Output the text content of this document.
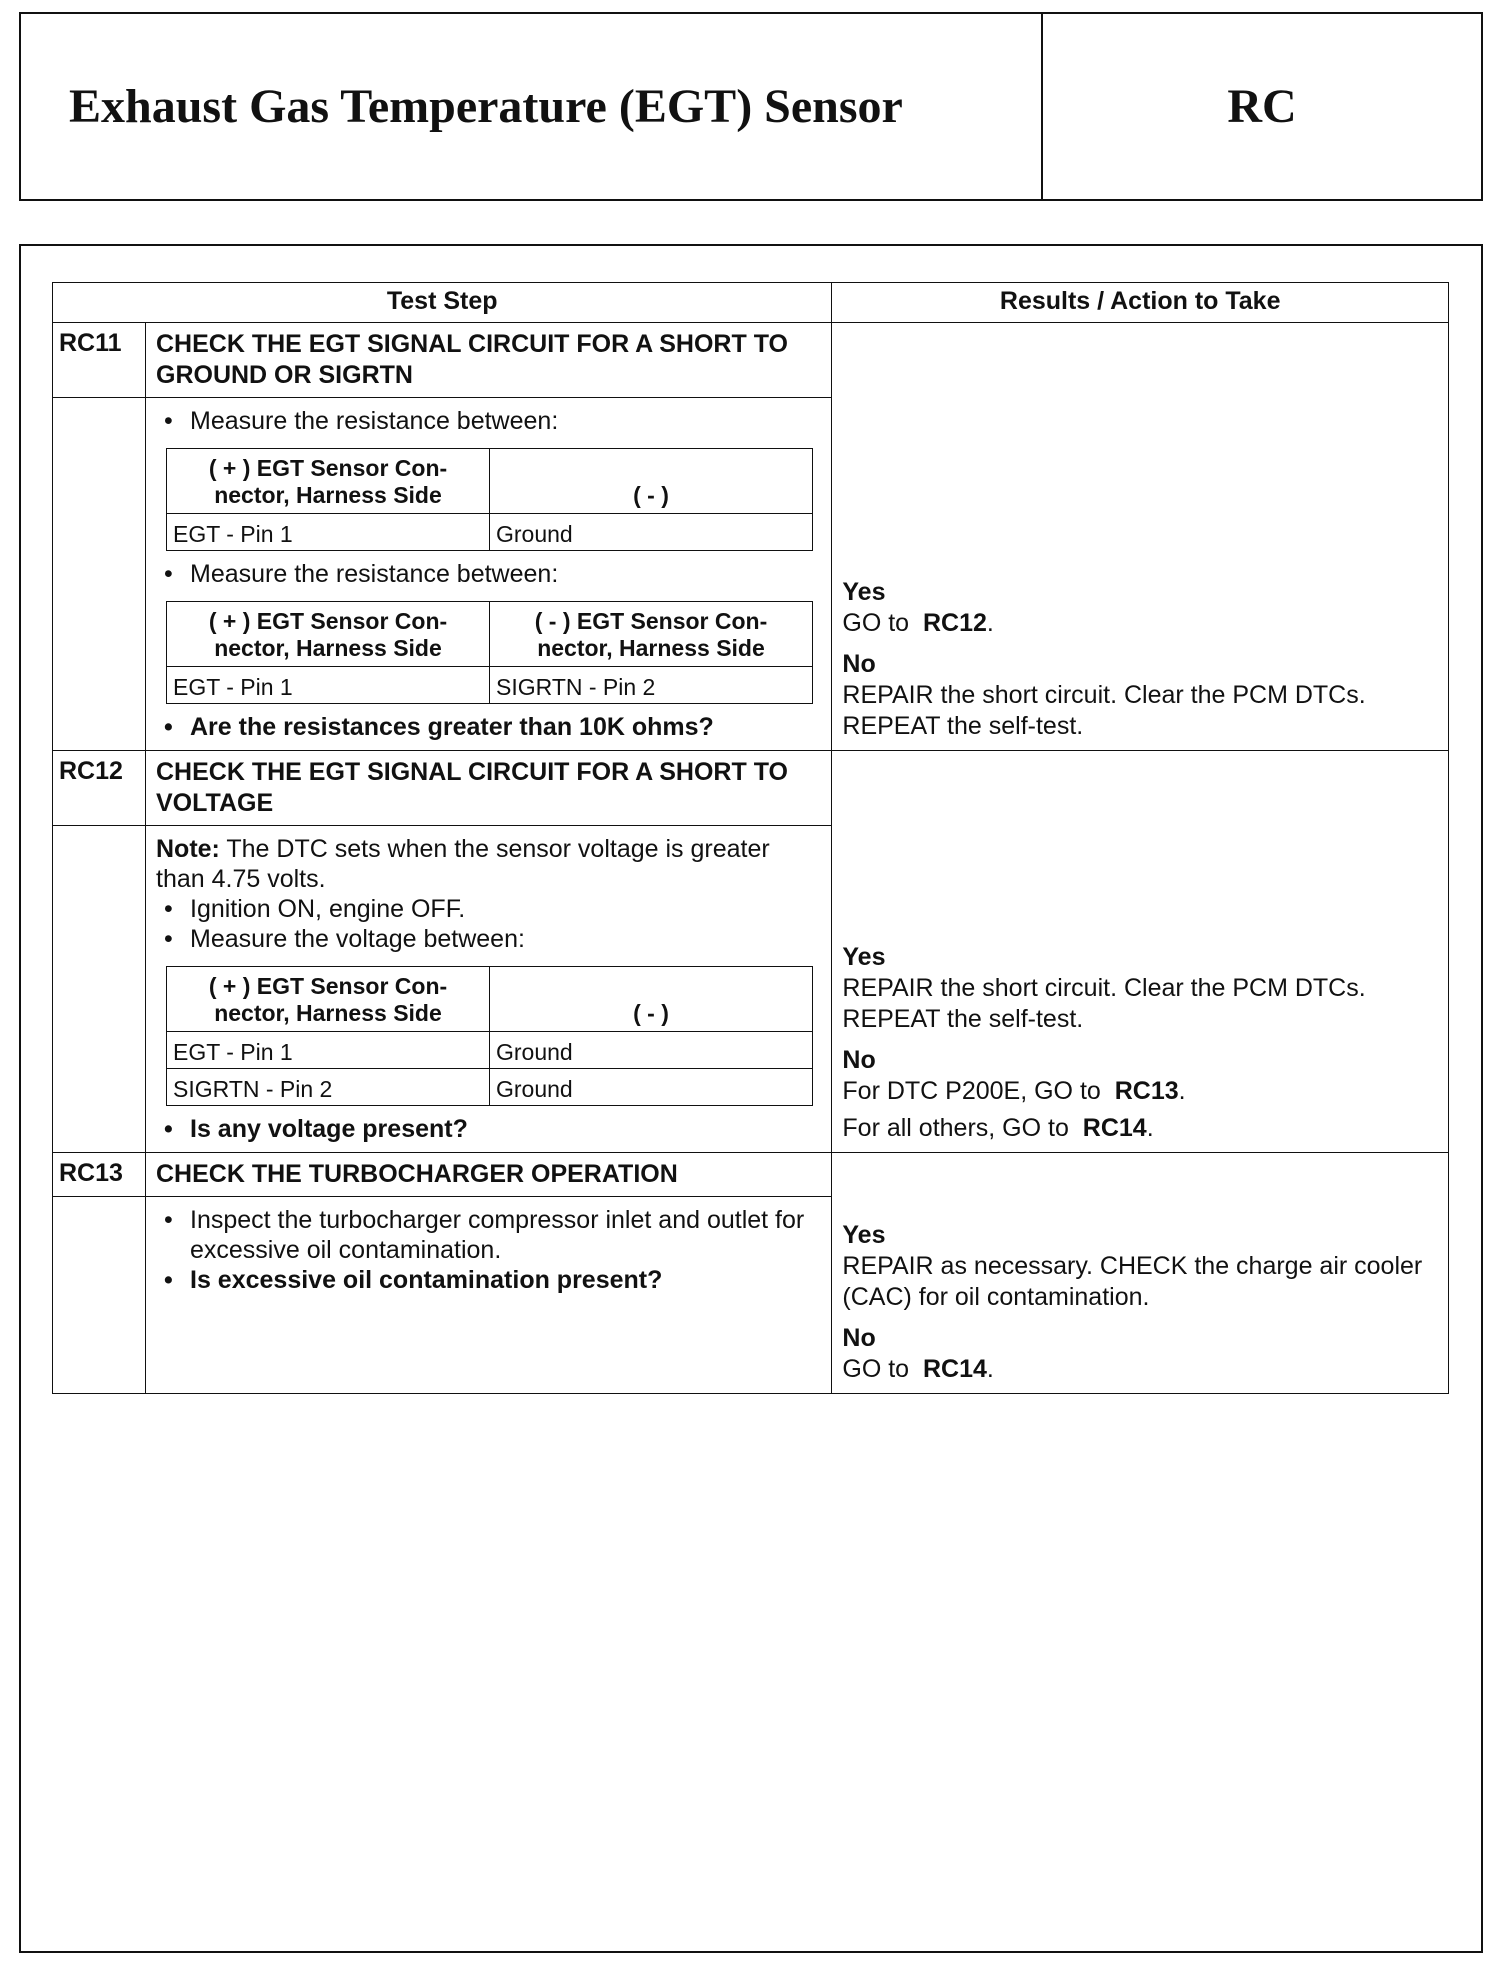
Exhaust Gas Temperature (EGT) Sensor	RC
Test Step	Results / Action to Take
RC11	CHECK THE EGT SIGNAL CIRCUIT FOR A SHORT TO GROUND OR SIGRTN	
Yes
GO to RC12.
No
REPAIR the short circuit. Clear the PCM DTCs. REPEAT the self-test.

• Measure the resistance between:
( + ) EGT Sensor Con- nector, Harness Side	( - )
EGT - Pin 1	Ground
• Measure the resistance between:
( + ) EGT Sensor Con- nector, Harness Side	( - ) EGT Sensor Con- nector, Harness Side
EGT - Pin 1	SIGRTN - Pin 2
• Are the resistances greater than 10K ohms?

RC12	CHECK THE EGT SIGNAL CIRCUIT FOR A SHORT TO VOLTAGE	
Yes
REPAIR the short circuit. Clear the PCM DTCs. REPEAT the self-test.
No
For DTC P200E, GO to RC13.
For all others, GO to RC14.

Note: The DTC sets when the sensor voltage is greater than 4.75 volts.
• Ignition ON, engine OFF.
• Measure the voltage between:
( + ) EGT Sensor Con- nector, Harness Side	( - )
EGT - Pin 1	Ground
SIGRTN - Pin 2	Ground
• Is any voltage present?

RC13	CHECK THE TURBOCHARGER OPERATION	
Yes
REPAIR as necessary. CHECK the charge air cooler (CAC) for oil contamination.
No
GO to RC14.

• Inspect the turbocharger compressor inlet and outlet for excessive oil contamination.
• Is excessive oil contamination present?
